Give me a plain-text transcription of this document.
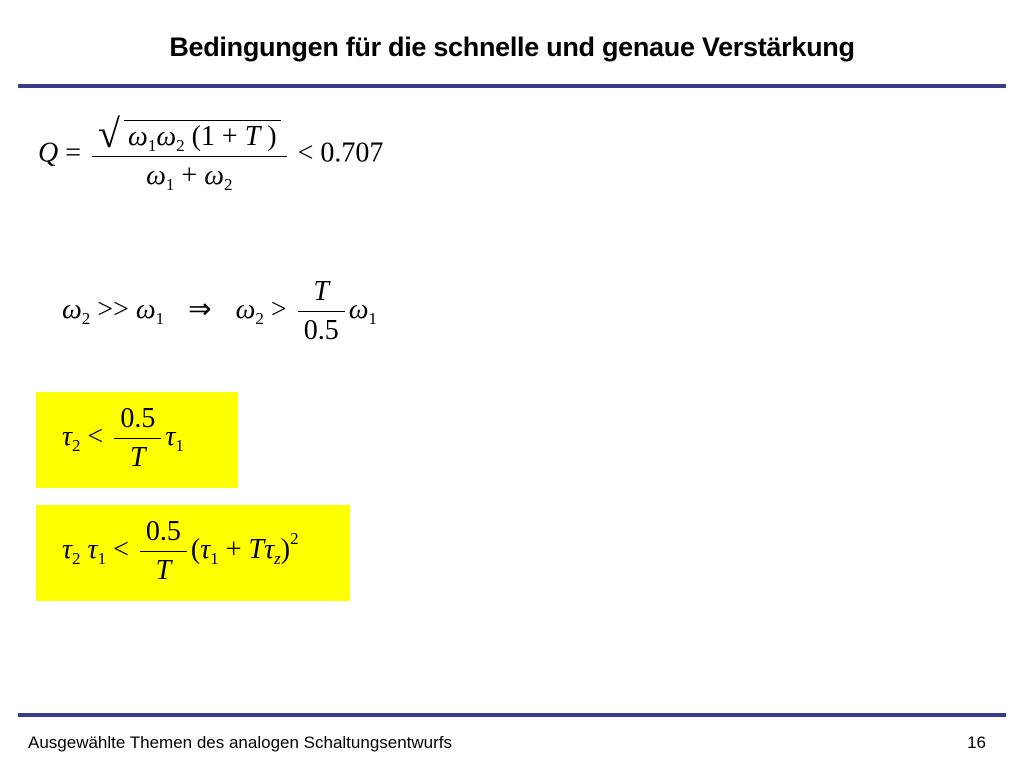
Bedingungen für die schnelle und genaue Verstärkung
Q = √ $\omega_1\omega_2$ (1 + T )
$\omega_1 + \omega_2$
< 0.707
$\omega_2 >> \omega_1$ ⇒ $\omega_2 > \frac{T}{0.5} \omega_1$
$\tau_2 < \frac{0.5}{T} \tau_1$
$\tau_2$ $\tau_1 < \frac{0.5}{T} (\tau_1 + T\tau_z)^2$
Ausgewählte Themen des analogen Schaltungsentwurfs	16
